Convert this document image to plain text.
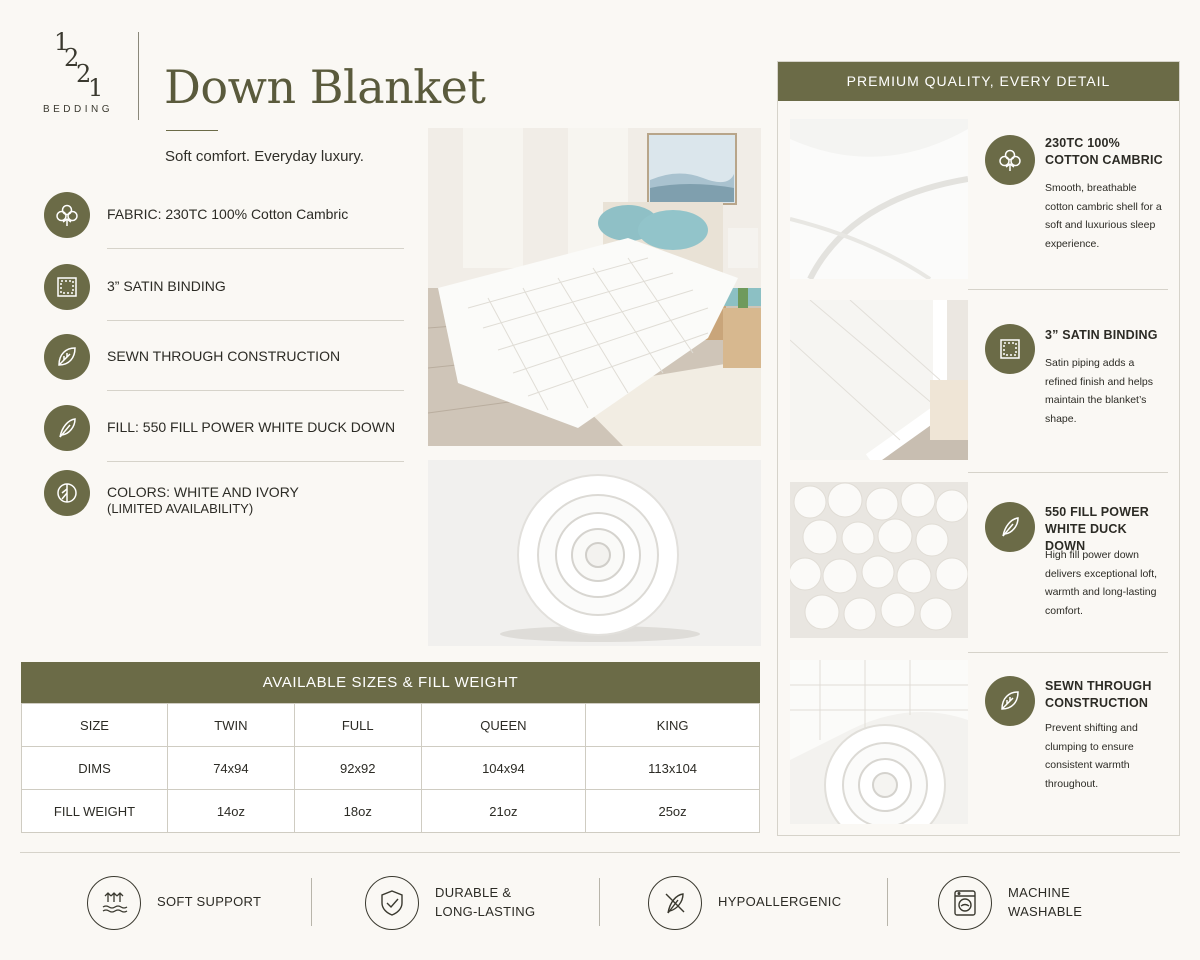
1
2
2
1
BEDDING Down Blanket
Soft comfort. Everyday luxury.
FABRIC: 230TC 100% Cotton Cambric
3” SATIN BINDING
SEWN THROUGH CONSTRUCTION
FILL: 550 FILL POWER WHITE DUCK DOWN
COLORS: WHITE AND IVORY
(LIMITED AVAILABILITY)
AVAILABLE SIZES & FILL WEIGHT
SIZE	TWIN	FULL	QUEEN	KING
DIMS	74x94	92x92	104x94	113x104
FILL WEIGHT	14oz	18oz	21oz	25oz
PREMIUM QUALITY, EVERY DETAIL
230TC 100%
COTTON CAMBRIC
Smooth, breathable
cotton cambric shell for a
soft and luxurious sleep
experience.
3” SATIN BINDING
Satin piping adds a
refined finish and helps
maintain the blanket’s
shape.
550 FILL POWER
WHITE DUCK DOWN
High fill power down
delivers exceptional loft,
warmth and long-lasting
comfort.
SEWN THROUGH
CONSTRUCTION
Prevent shifting and
clumping to ensure
consistent warmth
throughout.
SOFT SUPPORT
DURABLE &
LONG-LASTING
HYPOALLERGENIC
MACHINE
WASHABLE
